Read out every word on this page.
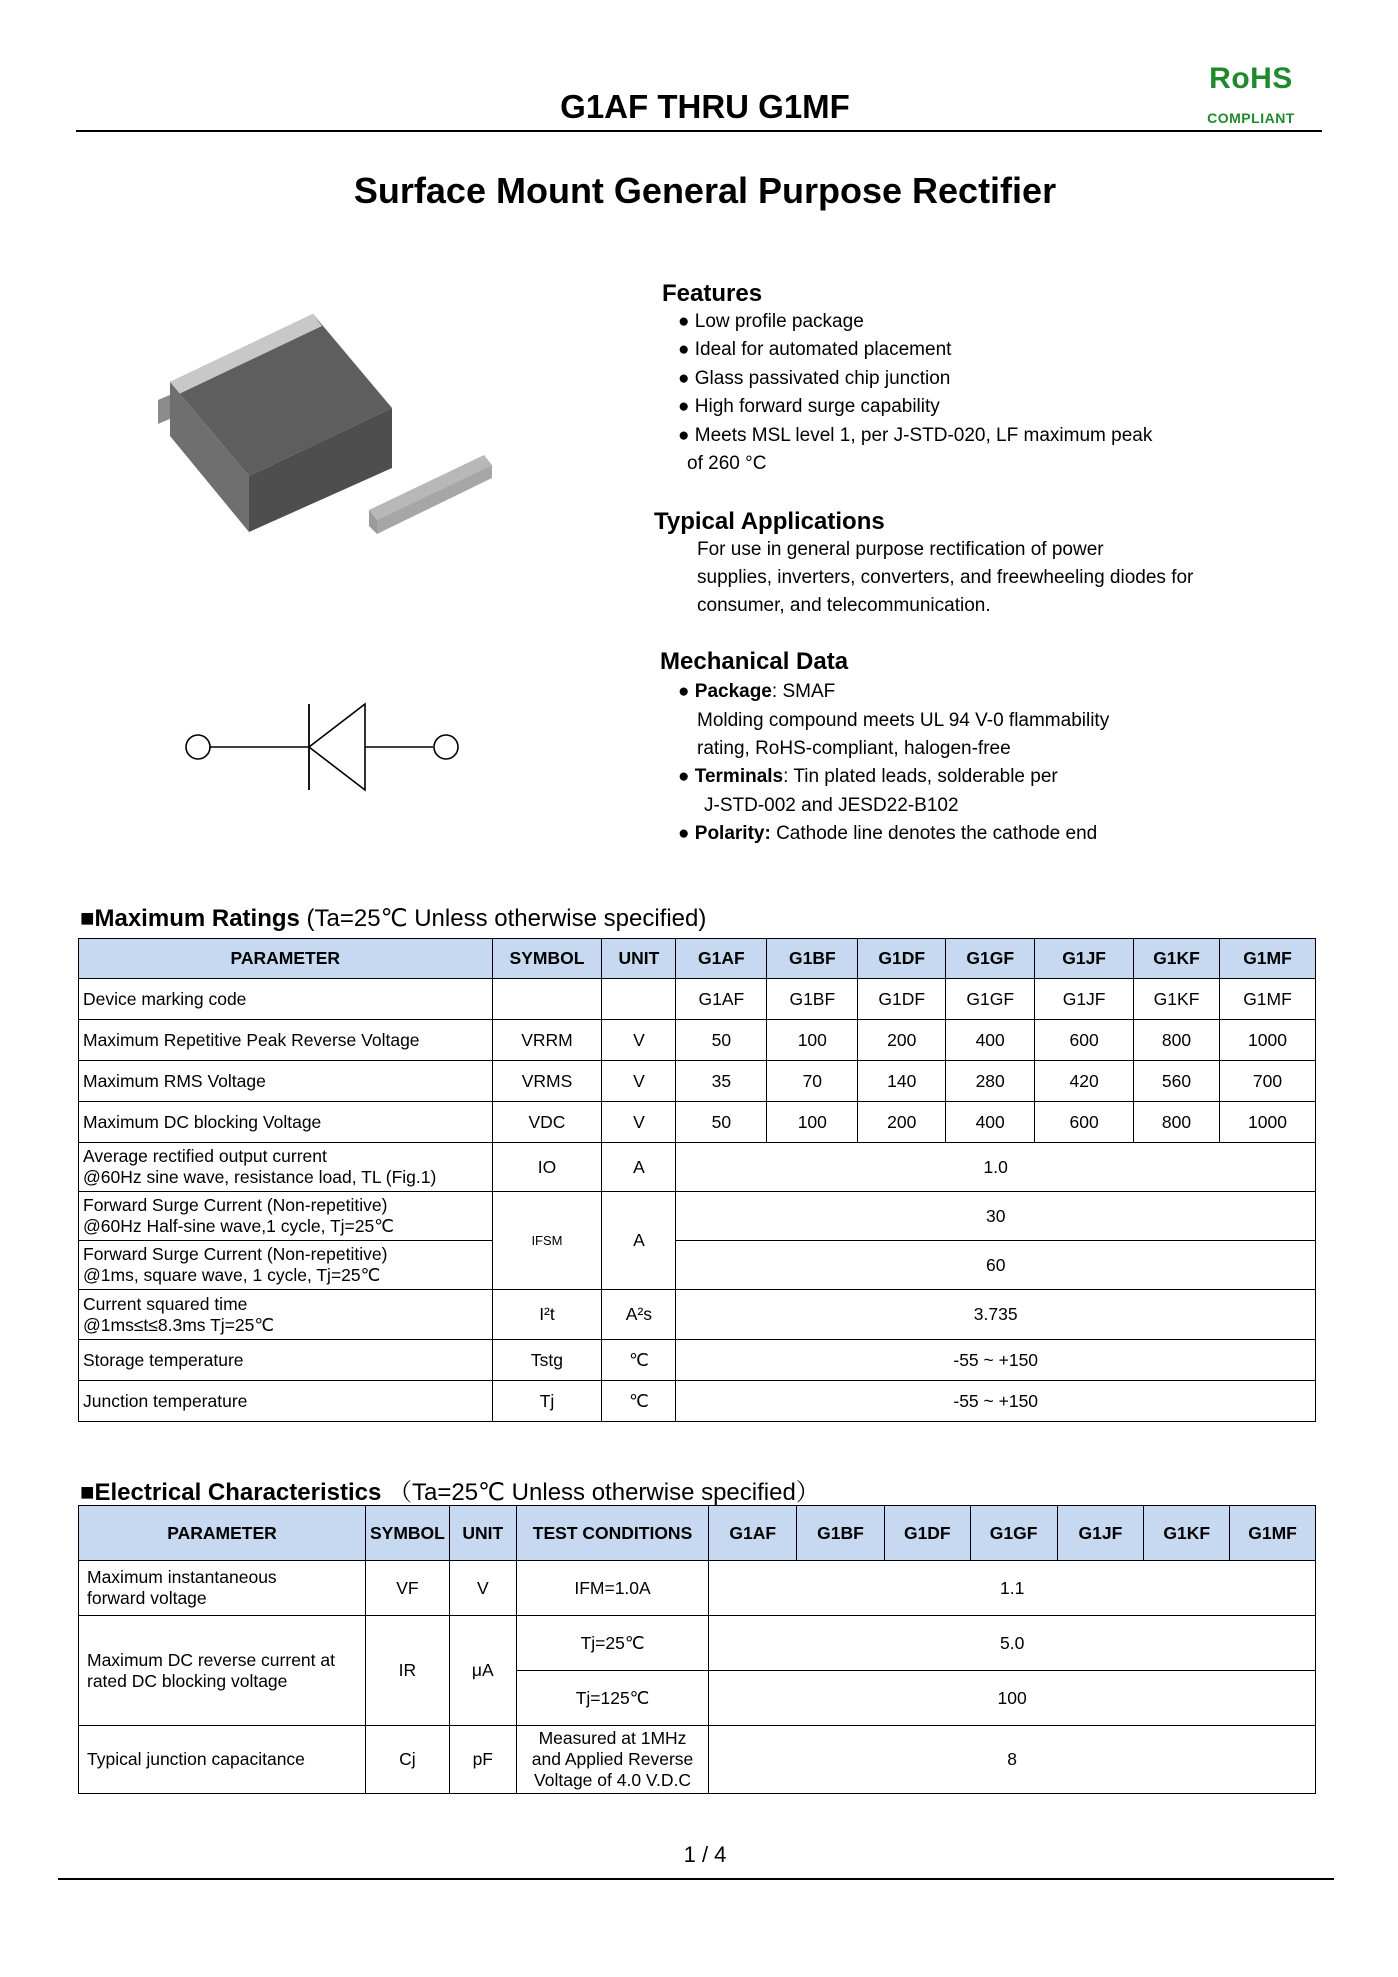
G1AF THRU G1MF
RoHS
COMPLIANT
Surface Mount General Purpose Rectifier
Features
● Low profile package
● Ideal for automated placement
● Glass passivated chip junction
● High forward surge capability
● Meets MSL level 1, per J-STD-020, LF maximum peak
of 260 °C
Typical Applications
For use in general purpose rectification of power
supplies, inverters, converters, and freewheeling diodes for
consumer, and telecommunication.
Mechanical Data
● Package: SMAF
Molding compound meets UL 94 V-0 flammability
rating, RoHS-compliant, halogen-free
● Terminals: Tin plated leads, solderable per
J-STD-002 and JESD22-B102
● Polarity: Cathode line denotes the cathode end
■Maximum Ratings (Ta=25℃ Unless otherwise specified)
PARAMETER	SYMBOL	UNIT	G1AF	G1BF	G1DF	G1GF	G1JF	G1KF	G1MF
Device marking code			G1AF	G1BF	G1DF	G1GF	G1JF	G1KF	G1MF
Maximum Repetitive Peak Reverse Voltage	VRRM	V	50	100	200	400	600	800	1000
Maximum RMS Voltage	VRMS	V	35	70	140	280	420	560	700
Maximum DC blocking Voltage	VDC	V	50	100	200	400	600	800	1000

Average rectified output current
@60Hz sine wave, resistance load, TL (Fig.1)	IO	A	1.0						

Forward Surge Current (Non-repetitive)
@60Hz Half-sine wave,1 cycle, Tj=25℃	IFSM	A	30						

Forward Surge Current (Non-repetitive)
@1ms, square wave, 1 cycle, Tj=25℃			60						

Current squared time
@1ms≤t≤8.3ms Tj=25℃	I²t	A²s	3.735						
Storage temperature	Tstg	℃	-55 ~ +150						
Junction temperature	Tj	℃	-55 ~ +150						
■Electrical Characteristics （Ta=25℃ Unless otherwise specified）
PARAMETER	SYMBOL	UNIT	TEST CONDITIONS	G1AF	G1BF	G1DF	G1GF	G1JF	G1KF	G1MF

Maximum instantaneous
forward voltage	VF	V	IFM=1.0A	1.1						

Maximum DC reverse current at
rated DC blocking voltage	IR	μA	Tj=25℃	5.0						
			Tj=125℃	100						
Typical junction capacitance	Cj	pF	Measured at 1MHz
and Applied Reverse
Voltage of 4.0 V.D.C	8						
1 / 4
